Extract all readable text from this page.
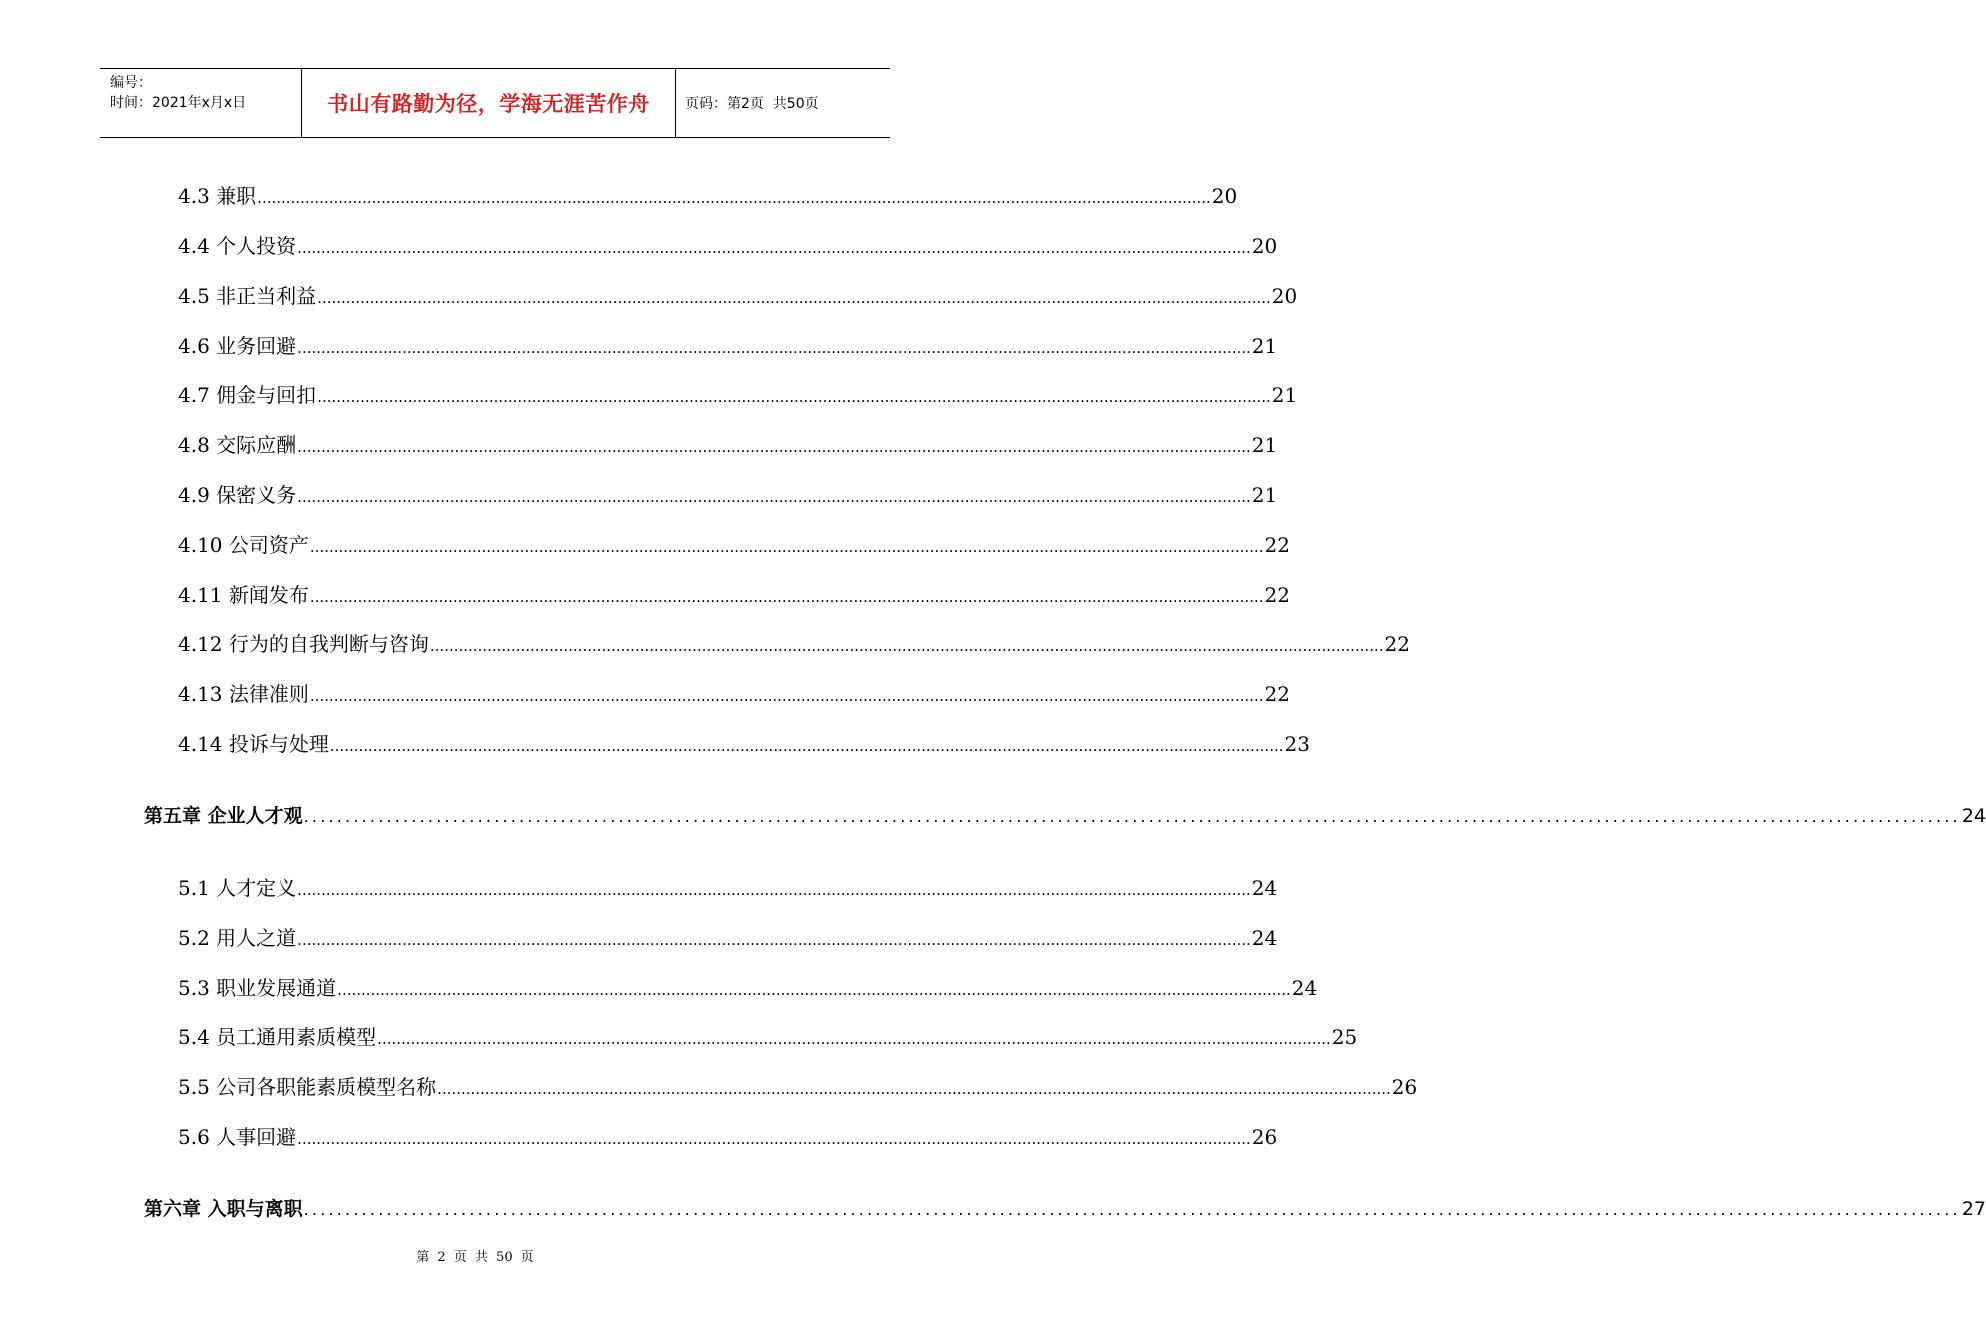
编号：
时间：2021年x月x日	书山有路勤为径，学海无涯苦作舟	页码：第2页  共50页
4.3 兼职 ........................................................................................................................................................................................................ 20
4.4 个人投资 ........................................................................................................................................................................................................ 20
4.5 非正当利益 ........................................................................................................................................................................................................ 20
4.6 业务回避 ........................................................................................................................................................................................................ 21
4.7 佣金与回扣 ........................................................................................................................................................................................................ 21
4.8 交际应酬 ........................................................................................................................................................................................................ 21
4.9 保密义务 ........................................................................................................................................................................................................ 21
4.10 公司资产 ........................................................................................................................................................................................................ 22
4.11 新闻发布 ........................................................................................................................................................................................................ 22
4.12 行为的自我判断与咨询 ........................................................................................................................................................................................................ 22
4.13 法律准则 ........................................................................................................................................................................................................ 22
4.14 投诉与处理 ........................................................................................................................................................................................................ 23
第五章 企业人才观 ........................................................................................................................................................................................................ 24
5.1 人才定义 ........................................................................................................................................................................................................ 24
5.2 用人之道 ........................................................................................................................................................................................................ 24
5.3 职业发展通道 ........................................................................................................................................................................................................ 24
5.4 员工通用素质模型 ........................................................................................................................................................................................................ 25
5.5 公司各职能素质模型名称 ........................................................................................................................................................................................................ 26
5.6 人事回避 ........................................................................................................................................................................................................ 26
第六章 入职与离职 ........................................................................................................................................................................................................ 27
第 2 页 共 50 页
